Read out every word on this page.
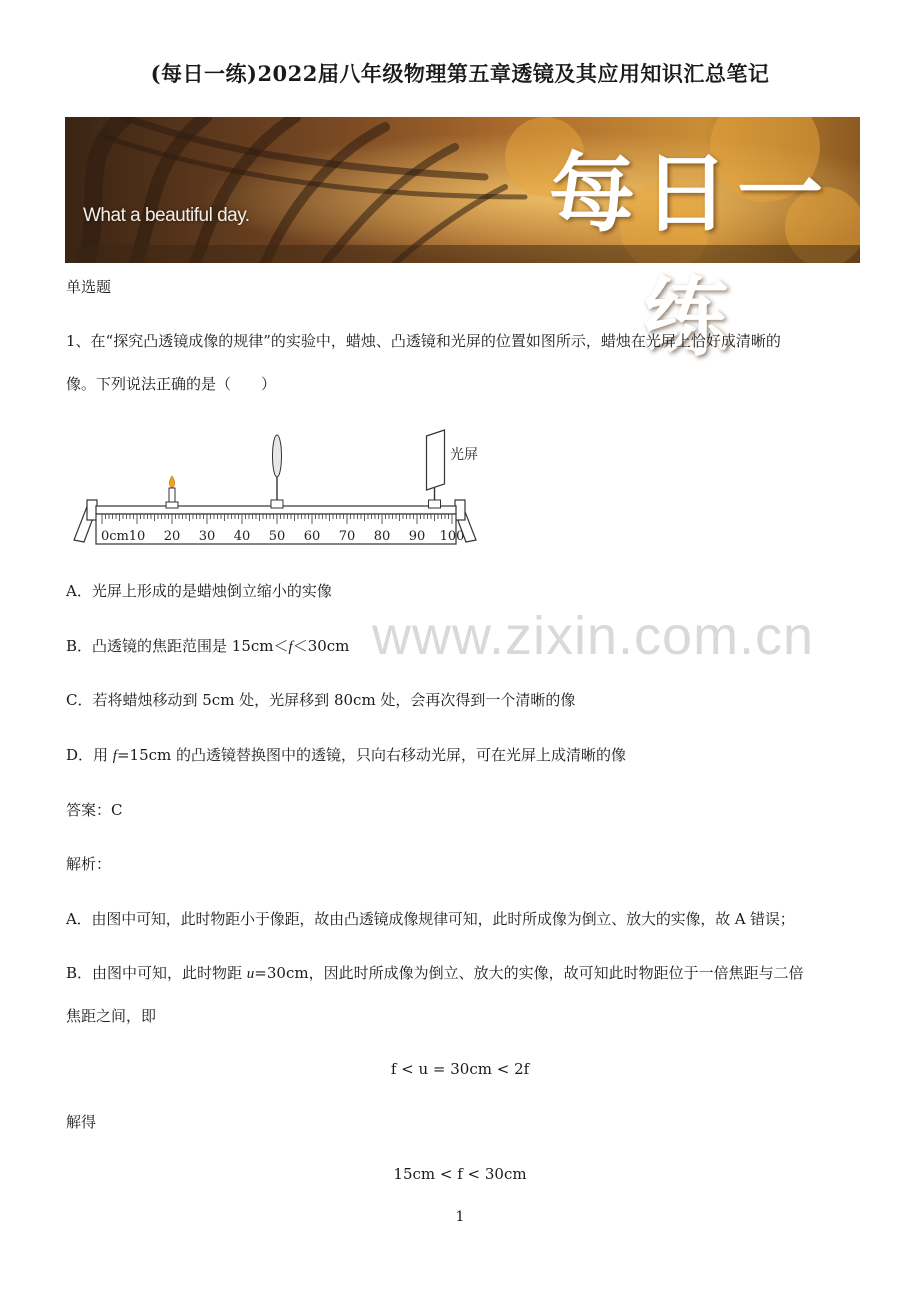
(每日一练)2022届八年级物理第五章透镜及其应用知识汇总笔记
What a beautiful day.	每日一练
单选题
1、在“探究凸透镜成像的规律”的实验中，蜡烛、凸透镜和光屏的位置如图所示，蜡烛在光屏上恰好成清晰的
像。下列说法正确的是（　　）
0cm 10 20 30 40 50 60 70 80 90 100
光屏
A．光屏上形成的是蜡烛倒立缩小的实像
B．凸透镜的焦距范围是 15cm＜f＜30cm
C．若将蜡烛移动到 5cm 处，光屏移到 80cm 处，会再次得到一个清晰的像
D．用 f=15cm 的凸透镜替换图中的透镜，只向右移动光屏，可在光屏上成清晰的像
答案：C
解析：
A．由图中可知，此时物距小于像距，故由凸透镜成像规律可知，此时所成像为倒立、放大的实像，故 A 错误；
B．由图中可知，此时物距 u=30cm，因此时所成像为倒立、放大的实像，故可知此时物距位于一倍焦距与二倍
焦距之间，即
f < u = 30cm < 2f
解得
15cm < f < 30cm
www.zixin.com.cn
1
